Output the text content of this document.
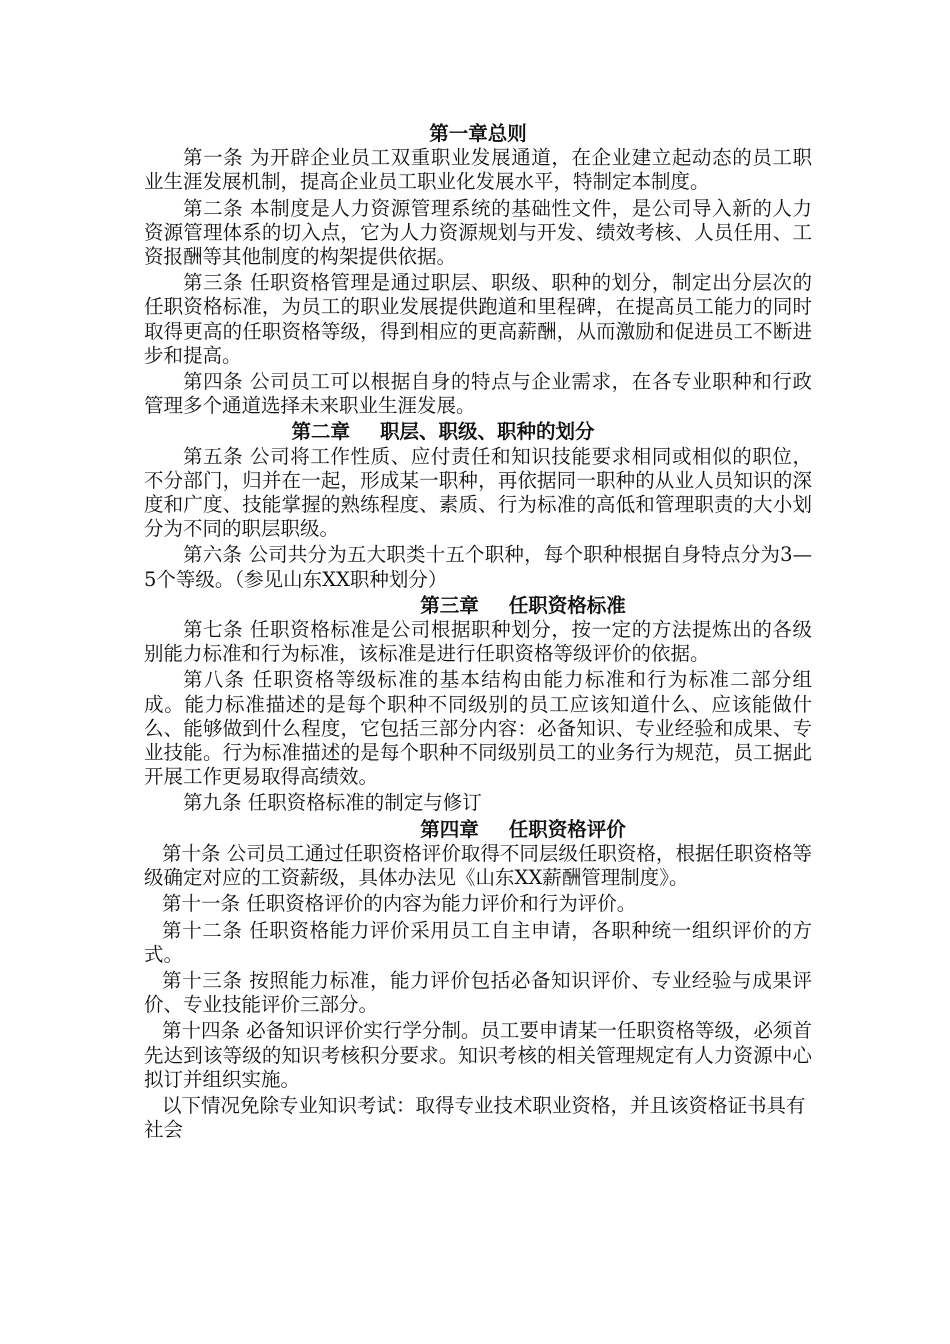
第一章总则

第一条 为开辟企业员工双重职业发展通道，在企业建立起动态的员工职业生涯发展机制，提高企业员工职业化发展水平，特制定本制度。

第二条 本制度是人力资源管理系统的基础性文件，是公司导入新的人力资源管理体系的切入点，它为人力资源规划与开发、绩效考核、人员任用、工资报酬等其他制度的构架提供依据。

第三条 任职资格管理是通过职层、职级、职种的划分，制定出分层次的任职资格标准，为员工的职业发展提供跑道和里程碑，在提高员工能力的同时取得更高的任职资格等级，得到相应的更高薪酬，从而激励和促进员工不断进步和提高。

第四条 公司员工可以根据自身的特点与企业需求，在各专业职种和行政管理多个通道选择未来职业生涯发展。

第二章 职层、职级、职种的划分

第五条 公司将工作性质、应付责任和知识技能要求相同或相似的职位，不分部门，归并在一起，形成某一职种，再依据同一职种的从业人员知识的深度和广度、技能掌握的熟练程度、素质、行为标准的高低和管理职责的大小划分为不同的职层职级。

第六条 公司共分为五大职类十五个职种，每个职种根据自身特点分为3—5个等级。（参见山东XX职种划分）

第三章 任职资格标准

第七条 任职资格标准是公司根据职种划分，按一定的方法提炼出的各级别能力标准和行为标准，该标准是进行任职资格等级评价的依据。

第八条 任职资格等级标准的基本结构由能力标准和行为标准二部分组成。能力标准描述的是每个职种不同级别的员工应该知道什么、应该能做什么、能够做到什么程度，它包括三部分内容：必备知识、专业经验和成果、专业技能。行为标准描述的是每个职种不同级别员工的业务行为规范，员工据此开展工作更易取得高绩效。

第九条 任职资格标准的制定与修订

第四章 任职资格评价

第十条 公司员工通过任职资格评价取得不同层级任职资格，根据任职资格等级确定对应的工资薪级，具体办法见《山东XX薪酬管理制度》。

第十一条 任职资格评价的内容为能力评价和行为评价。

第十二条 任职资格能力评价采用员工自主申请，各职种统一组织评价的方式。

第十三条 按照能力标准，能力评价包括必备知识评价、专业经验与成果评价、专业技能评价三部分。

第十四条 必备知识评价实行学分制。员工要申请某一任职资格等级，必须首先达到该等级的知识考核积分要求。知识考核的相关管理规定有人力资源中心拟订并组织实施。

以下情况免除专业知识考试：取得专业技术职业资格，并且该资格证书具有社会
